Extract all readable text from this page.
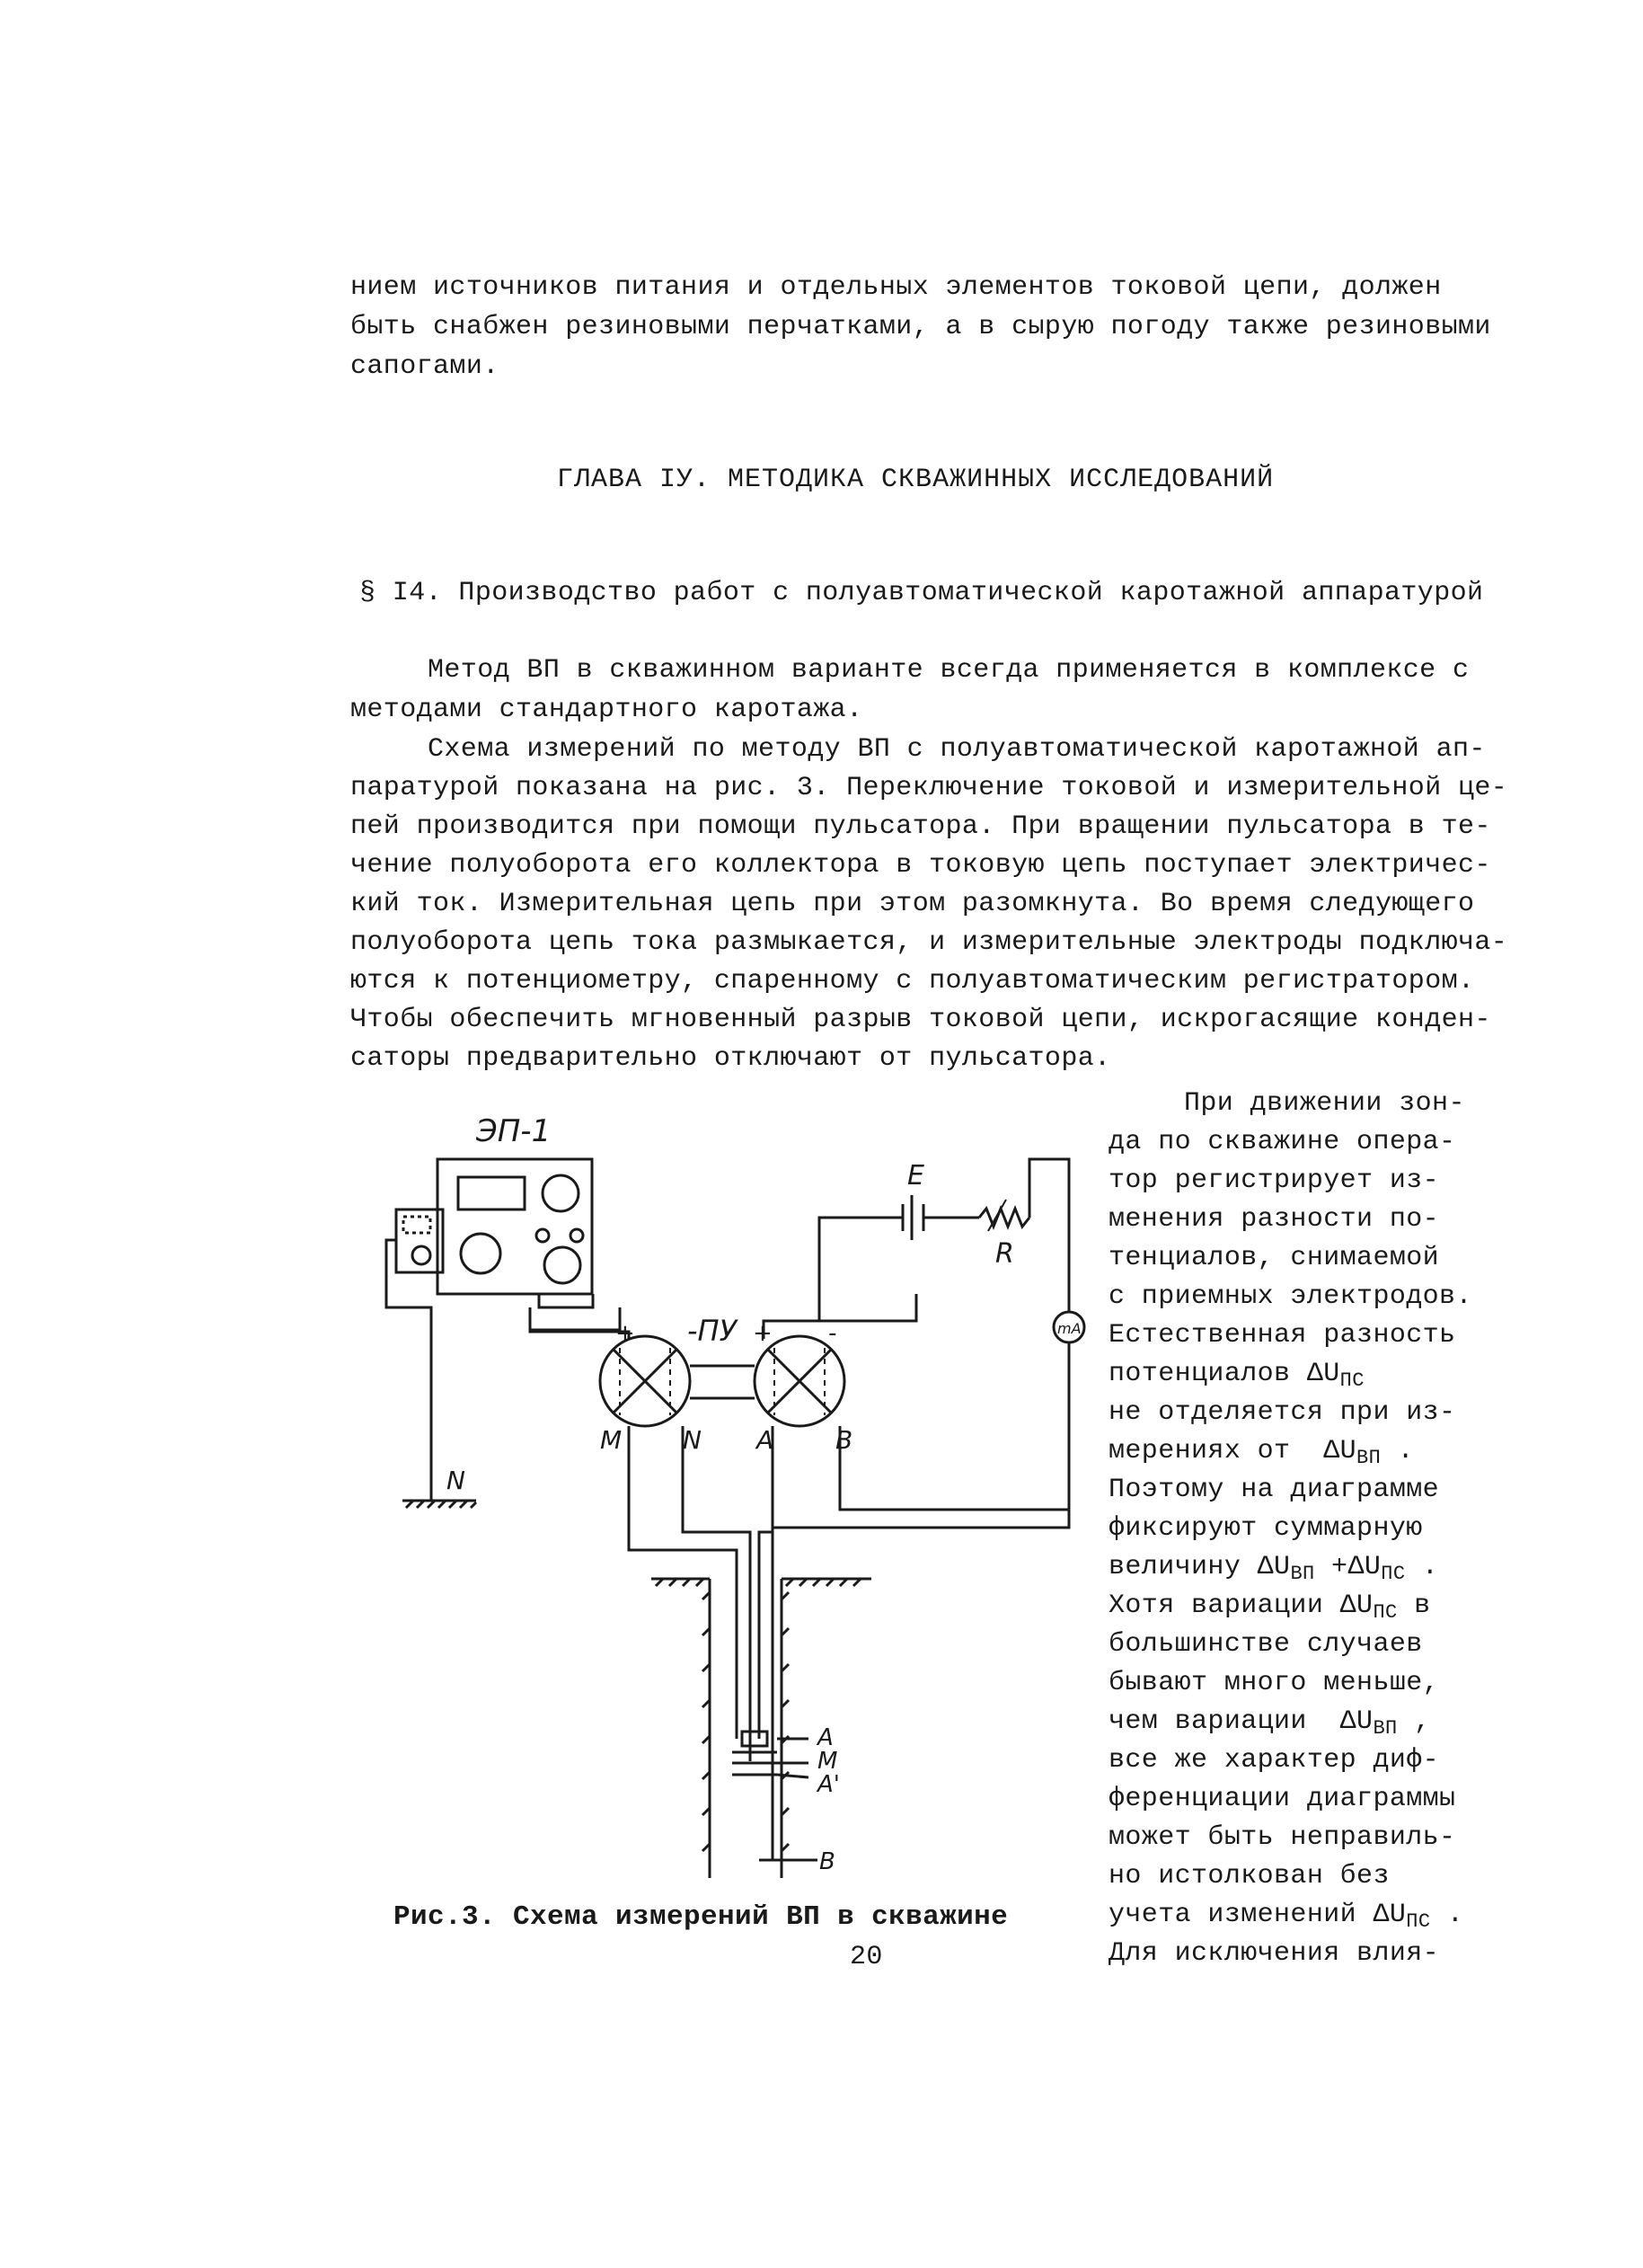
нием источников питания и отдельных элементов токовой цепи, должен
быть снабжен резиновыми перчатками, а в сырую погоду также резиновыми
сапогами.
ГЛАВА IУ. МЕТОДИКА СКВАЖИННЫХ ИССЛЕДОВАНИЙ
§ I4. Производство работ с полуавтоматической каротажной аппаратурой
Метод ВП в скважинном варианте всегда применяется в комплексе с
методами стандартного каротажа.
Схема измерений по методу ВП с полуавтоматической каротажной ап-
паратурой показана на рис. 3. Переключение токовой и измерительной це-
пей производится при помощи пульсатора. При вращении пульсатора в те-
чение полуоборота его коллектора в токовую цепь поступает электричес-
кий ток. Измерительная цепь при этом разомкнута. Во время следующего
полуоборота цепь тока размыкается, и измерительные электроды подключа-
ются к потенциометру, спаренному с полуавтоматическим регистратором.
Чтобы обеспечить мгновенный разрыв токовой цепи, искрогасящие конден-
саторы предварительно отключают от пульсатора.
При движении зон-
да по скважине опера-
тор регистрирует из-
менения разности по-
тенциалов, снимаемой
с приемных электродов.
Естественная разность
потенциалов $\Delta U_{ПС}$
не отделяется при из-
мерениях от  $\Delta U_{ВП}$ .
Поэтому на диаграмме
фиксируют суммарную
величину $\Delta U_{ВП} +\Delta U_{ПС}$ .
Хотя вариации $\Delta U_{ПС}$ в
большинстве случаев
бывают много меньше,
чем вариации  $\Delta U_{ВП}$ ,
все же характер диф-
ференциации диаграммы
может быть неправиль-
но истолкован без
учета изменений $\Delta U_{ПС}$ .
Для исключения влия-
ЭП-1
N
-ПУ
+	+ -
M N A B
E
R
mA
A
M
A'
B
Рис.3. Схема измерений ВП в скважине
20
